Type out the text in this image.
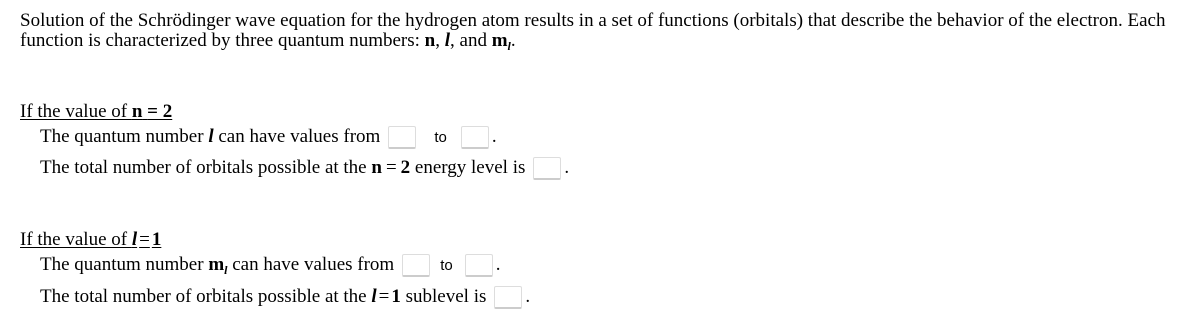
Solution of the Schrödinger wave equation for the hydrogen atom results in a set of functions (orbitals) that describe the behavior of the electron. Each function is characterized by three quantum numbers: n, l, and $m_l$.
If the value of n = 2
The quantum number l can have values from	to .
The total number of orbitals possible at the n = 2 energy level is .
If the value of l = 1
The quantum number $m_l$ can have values from	to .
The total number of orbitals possible at the l = 1 sublevel is .
